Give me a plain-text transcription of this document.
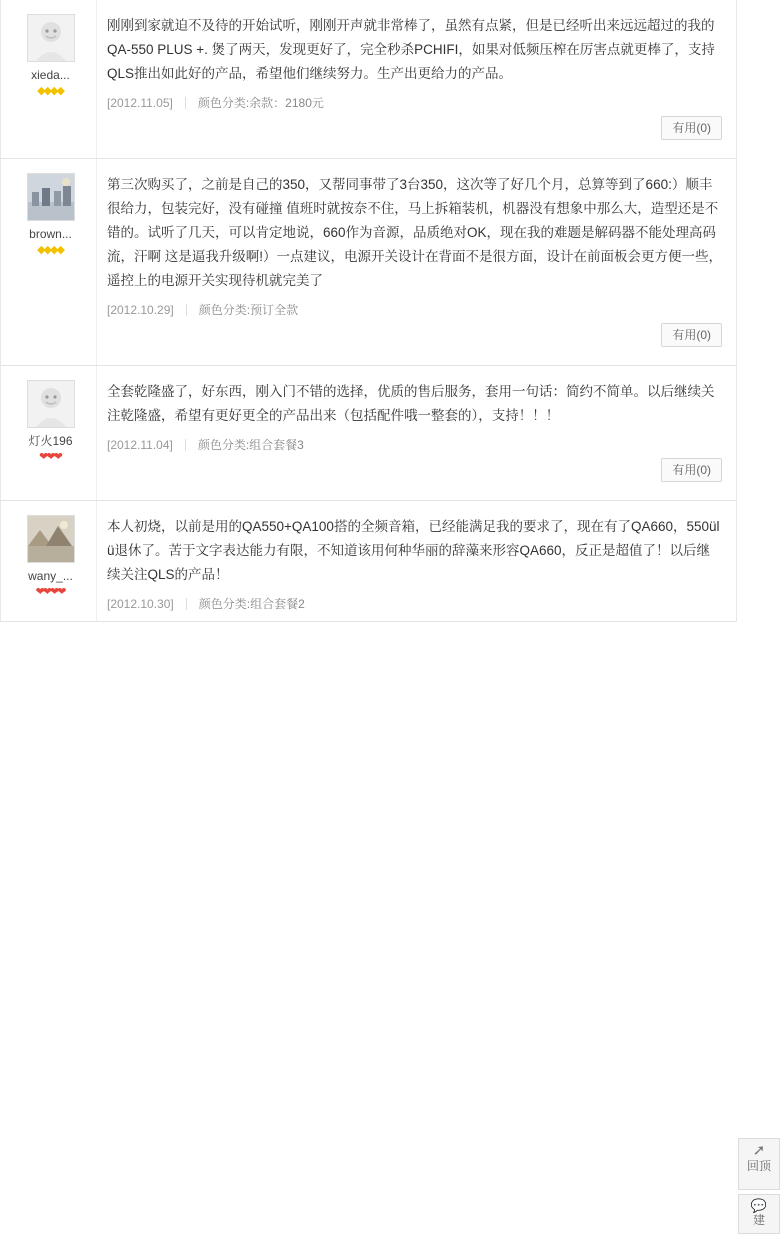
xieda...
◆◆◆◆
刚刚到家就迫不及待的开始试听，刚刚开声就非常棒了，虽然有点紧，但是已经听出来远远超过的我的QA-550 PLUS +. 煲了两天，发现更好了，完全秒杀PCHIFI，如果对低频压榨在厉害点就更棒了，支持QLS推出如此好的产品，希望他们继续努力。生产出更给力的产品。
[2012.11.05] 颜色分类:余款：2180元
有用(0)
brown...
◆◆◆◆
第三次购买了，之前是自己的350，又帮同事带了3台350，这次等了好几个月，总算等到了660:）顺丰很给力，包装完好，没有碰撞 值班时就按奈不住，马上拆箱装机，机器没有想象中那么大，造型还是不错的。试听了几天，可以肯定地说，660作为音源，品质绝对OK，现在我的难题是解码器不能处理高码流，汗啊 这是逼我升级啊!）一点建议，电源开关设计在背面不是很方面，设计在前面板会更方便一些，遥控上的电源开关实现待机就完美了
[2012.10.29] 颜色分类:预订全款
有用(0)
灯火196
❤❤❤
全套乾隆盛了，好东西，刚入门不错的选择，优质的售后服务，套用一句话：简约不简单。以后继续关注乾隆盛，希望有更好更全的产品出来（包括配件哦一整套的），支持！！！
[2012.11.04] 颜色分类:组合套餐3
有用(0)
wany_...
❤❤❤❤
本人初烧，以前是用的QA550+QA100搭的全频音箱，已经能满足我的要求了，现在有了QA660，550ülü退休了。苦于文字表达能力有限，不知道该用何种华丽的辞藻来形容QA660，反正是超值了！以后继续关注QLS的产品！
[2012.10.30] 颜色分类:组合套餐2
➚
回顶
💬
建
